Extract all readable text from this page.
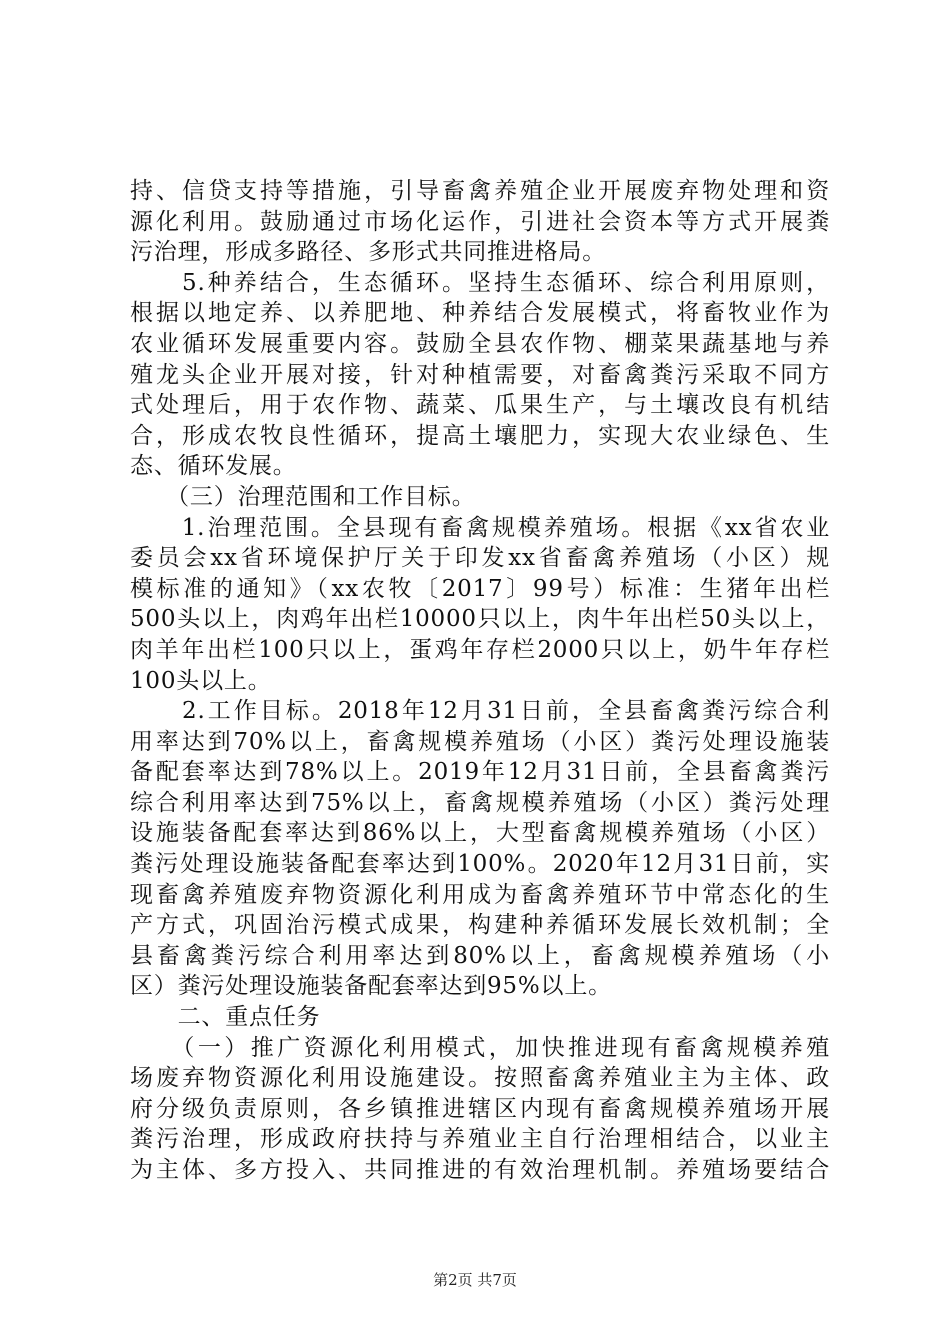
持、信贷支持等措施，引导畜禽养殖企业开展废弃物处理和资
源化利用。鼓励通过市场化运作，引进社会资本等方式开展粪
污治理，形成多路径、多形式共同推进格局。
　　5.种养结合，生态循环。坚持生态循环、综合利用原则，
根据以地定养、以养肥地、种养结合发展模式，将畜牧业作为
农业循环发展重要内容。鼓励全县农作物、棚菜果蔬基地与养
殖龙头企业开展对接，针对种植需要，对畜禽粪污采取不同方
式处理后，用于农作物、蔬菜、瓜果生产，与土壤改良有机结
合，形成农牧良性循环，提高土壤肥力，实现大农业绿色、生
态、循环发展。
　　（三）治理范围和工作目标。
　　1.治理范围。全县现有畜禽规模养殖场。根据《xx省农业
委员会xx省环境保护厅关于印发xx省畜禽养殖场（小区）规
模标准的通知》（xx农牧〔2017〕99号）标准：生猪年出栏
500头以上，肉鸡年出栏10000只以上，肉牛年出栏50头以上，
肉羊年出栏100只以上，蛋鸡年存栏2000只以上，奶牛年存栏
100头以上。
　　2.工作目标。2018年12月31日前，全县畜禽粪污综合利
用率达到70%以上，畜禽规模养殖场（小区）粪污处理设施装
备配套率达到78%以上。2019年12月31日前，全县畜禽粪污
综合利用率达到75%以上，畜禽规模养殖场（小区）粪污处理
设施装备配套率达到86%以上，大型畜禽规模养殖场（小区）
粪污处理设施装备配套率达到100%。2020年12月31日前，实
现畜禽养殖废弃物资源化利用成为畜禽养殖环节中常态化的生
产方式，巩固治污模式成果，构建种养循环发展长效机制；全
县畜禽粪污综合利用率达到80%以上，畜禽规模养殖场（小
区）粪污处理设施装备配套率达到95%以上。
　　二、重点任务
　　（一）推广资源化利用模式，加快推进现有畜禽规模养殖
场废弃物资源化利用设施建设。按照畜禽养殖业主为主体、政
府分级负责原则，各乡镇推进辖区内现有畜禽规模养殖场开展
粪污治理，形成政府扶持与养殖业主自行治理相结合，以业主
为主体、多方投入、共同推进的有效治理机制。养殖场要结合
第2页 共7页
